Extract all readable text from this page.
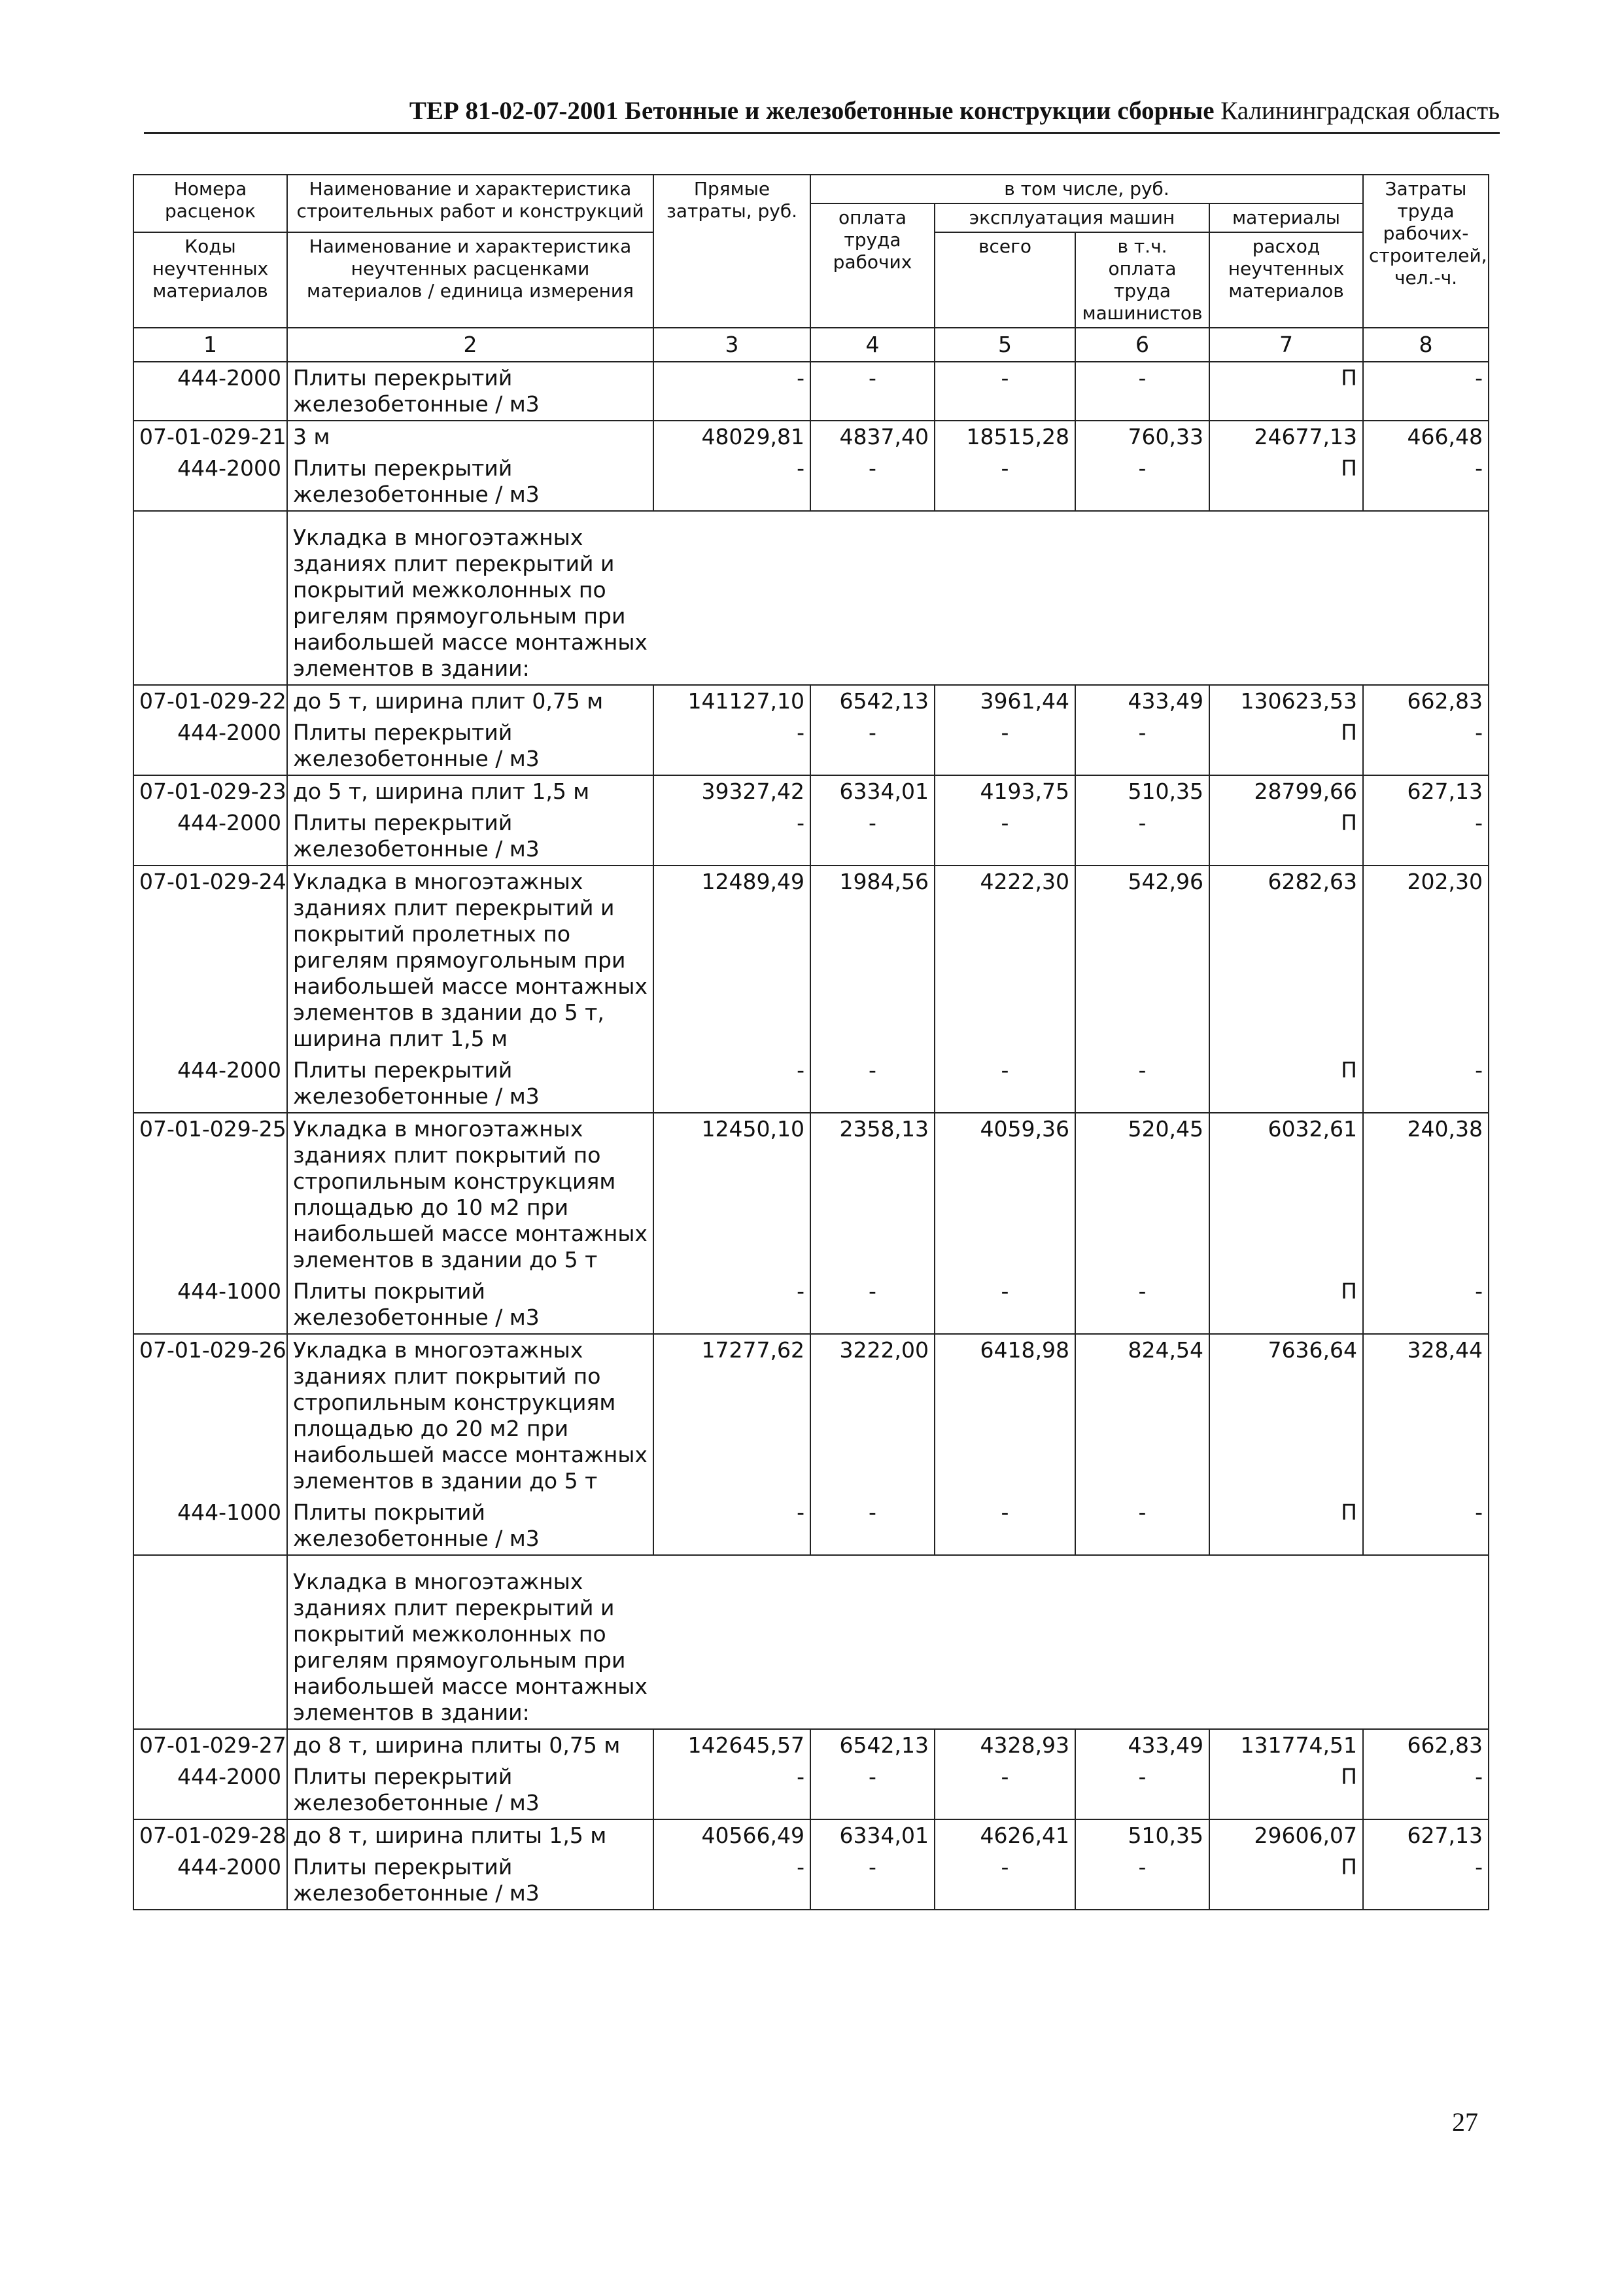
ТЕР 81-02-07-2001 Бетонные и железобетонные конструкции сборные Калининградская область
Номера расценок	Наименование и характеристика строительных работ и конструкций	Прямые затраты, руб.	в том числе, руб.				Затраты труда рабочих-строителей, чел.-ч.
			оплата труда рабочих	эксплуатация машин		материалы	
Коды неучтенных материалов	Наименование и характеристика неучтенных расценками материалов / единица измерения			всего	в т.ч. оплата труда машинистов	расход неучтенных материалов	

1	2	3	4	5	6	7	8
444-2000	Плиты перекрытий железобетонные / м3	-	-	-	-	П	-
07-01-029-21	3 м	48029,81	4837,40	18515,28	760,33	24677,13	466,48
444-2000	Плиты перекрытий железобетонные / м3	-	-	-	-	П	-

	Укладка в многоэтажных зданиях плит перекрытий и покрытий межколонных по ригелям прямоугольным при наибольшей массе монтажных элементов в здании:						

07-01-029-22	до 5 т, ширина плит 0,75 м	141127,10	6542,13	3961,44	433,49	130623,53	662,83
444-2000	Плиты перекрытий железобетонные / м3	-	-	-	-	П	-
07-01-029-23	до 5 т, ширина плит 1,5 м	39327,42	6334,01	4193,75	510,35	28799,66	627,13
444-2000	Плиты перекрытий железобетонные / м3	-	-	-	-	П	-
07-01-029-24	Укладка в многоэтажных зданиях плит перекрытий и покрытий пролетных по ригелям прямоугольным при наибольшей массе монтажных элементов в здании до 5 т, ширина плит 1,5 м	12489,49	1984,56	4222,30	542,96	6282,63	202,30
444-2000	Плиты перекрытий железобетонные / м3	-	-	-	-	П	-
07-01-029-25	Укладка в многоэтажных зданиях плит покрытий по стропильным конструкциям площадью до 10 м2 при наибольшей массе монтажных элементов в здании до 5 т	12450,10	2358,13	4059,36	520,45	6032,61	240,38
444-1000	Плиты покрытий железобетонные / м3	-	-	-	-	П	-
07-01-029-26	Укладка в многоэтажных зданиях плит покрытий по стропильным конструкциям площадью до 20 м2 при наибольшей массе монтажных элементов в здании до 5 т	17277,62	3222,00	6418,98	824,54	7636,64	328,44
444-1000	Плиты покрытий железобетонные / м3	-	-	-	-	П	-

	Укладка в многоэтажных зданиях плит перекрытий и покрытий межколонных по ригелям прямоугольным при наибольшей массе монтажных элементов в здании:						

07-01-029-27	до 8 т, ширина плиты 0,75 м	142645,57	6542,13	4328,93	433,49	131774,51	662,83
444-2000	Плиты перекрытий железобетонные / м3	-	-	-	-	П	-
07-01-029-28	до 8 т, ширина плиты 1,5 м	40566,49	6334,01	4626,41	510,35	29606,07	627,13
444-2000	Плиты перекрытий железобетонные / м3	-	-	-	-	П	-
27
